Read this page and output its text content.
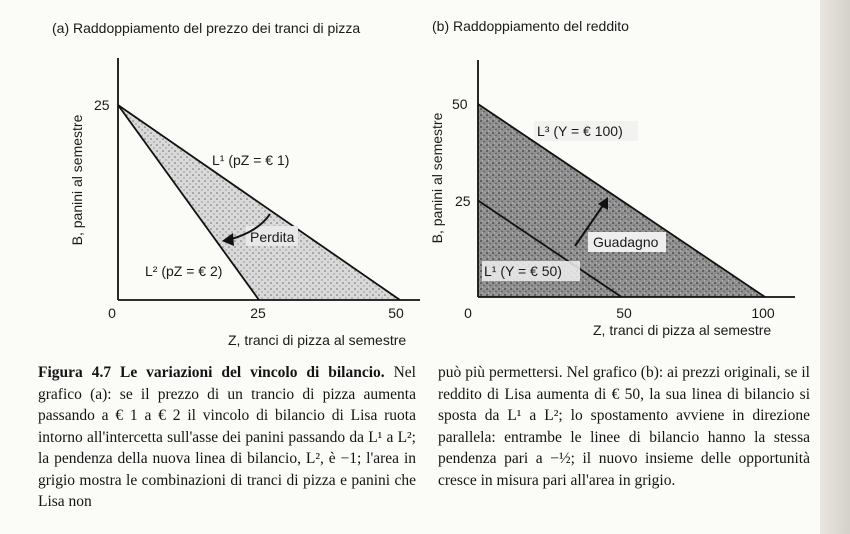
(a) Raddoppiamento del prezzo dei tranci di pizza
25
0	25	50
B, panini al semestre
Z, tranci di pizza al semestre
L¹ (pZ = € 1)
L² (pZ = € 2)
Perdita
(b) Raddoppiamento del reddito
50
25
0	50	100
B, panini al semestre
Z, tranci di pizza al semestre
L³ (Y = € 100)
L¹ (Y = € 50)
Guadagno
Figura 4.7 Le variazioni del vincolo di bilancio. Nel grafico (a): se il prezzo di un trancio di pizza aumenta passando a € 1 a € 2 il vincolo di bilancio di Lisa ruota intorno all'intercetta sull'asse dei panini passando da L¹ a L²; la pendenza della nuova linea di bilancio, L², è −1; l'area in grigio mostra le combinazioni di tranci di pizza e panini che Lisa non
può più permettersi. Nel grafico (b): ai prezzi originali, se il reddito di Lisa aumenta di € 50, la sua linea di bilancio si sposta da L¹ a L²; lo spostamento avviene in direzione parallela: entrambe le linee di bilancio hanno la stessa pendenza pari a −½; il nuovo insieme delle opportunità cresce in misura pari all'area in grigio.
